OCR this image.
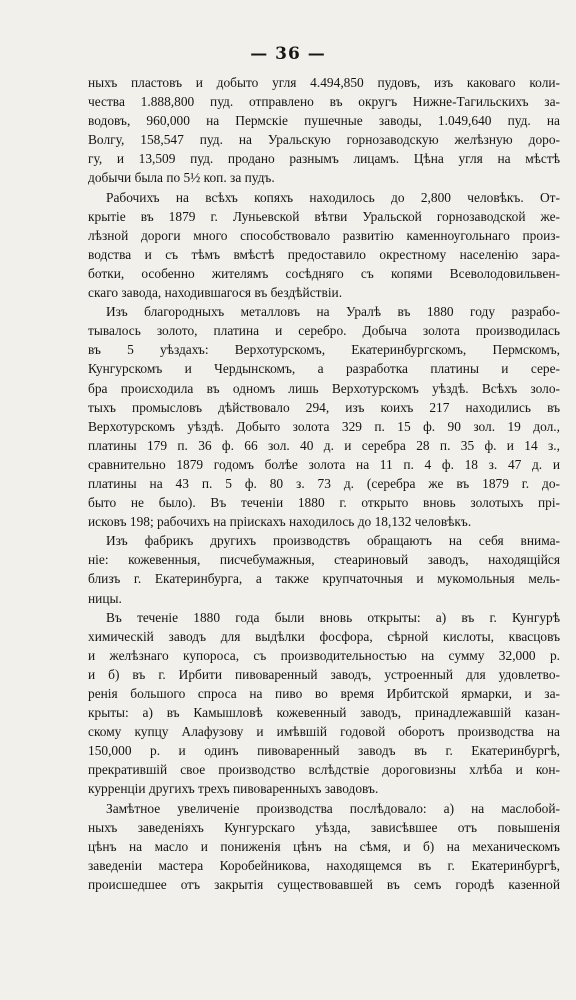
— 36 —
ныхъ пластовъ и добыто угля 4.494,850 пудовъ, изъ каковаго коли-
чества 1.888,800 пуд. отправлено въ округъ Нижне-Тагильскихъ за-
водовъ, 960,000 на Пермскіе пушечные заводы, 1.049,640 пуд. на
Волгу, 158,547 пуд. на Уральскую горнозаводскую желѣзную доро-
гу, и 13,509 пуд. продано разнымъ лицамъ. Цѣна угля на мѣстѣ
добычи была по 5½ коп. за пудъ.
Рабочихъ на всѣхъ копяхъ находилось до 2,800 человѣкъ. От-
крытіе въ 1879 г. Луньевской вѣтви Уральской горнозаводской же-
лѣзной дороги много способствовало развитію каменноугольнаго произ-
водства и съ тѣмъ вмѣстѣ предоставило окрестному населенію зара-
ботки, особенно жителямъ сосѣдняго съ копями Всеволодовильвен-
скаго завода, находившагося въ бездѣйствіи.
Изъ благородныхъ металловъ на Уралѣ въ 1880 году разрабо-
тывалось золото, платина и серебро. Добыча золота производилась
въ 5 уѣздахъ: Верхотурскомъ, Екатеринбургскомъ, Пермскомъ,
Кунгурскомъ и Чердынскомъ, а разработка платины и сере-
бра происходила въ одномъ лишь Верхотурскомъ уѣздѣ. Всѣхъ золо-
тыхъ промысловъ дѣйствовало 294, изъ коихъ 217 находились въ
Верхотурскомъ уѣздѣ. Добыто золота 329 п. 15 ф. 90 зол. 19 дол.,
платины 179 п. 36 ф. 66 зол. 40 д. и серебра 28 п. 35 ф. и 14 з.,
сравнительно 1879 годомъ болѣе золота на 11 п. 4 ф. 18 з. 47 д. и
платины на 43 п. 5 ф. 80 з. 73 д. (серебра же въ 1879 г. до-
быто не было). Въ теченіи 1880 г. открыто вновь золотыхъ прі-
исковъ 198; рабочихъ на пріискахъ находилось до 18,132 человѣкъ.
Изъ фабрикъ другихъ производствъ обращаютъ на себя внима-
ніе: кожевенныя, писчебумажныя, стеариновый заводъ, находящійся
близъ г. Екатеринбурга, а также крупчаточныя и мукомольныя мель-
ницы.
Въ теченіе 1880 года были вновь открыты: а) въ г. Кунгурѣ
химическій заводъ для выдѣлки фосфора, сѣрной кислоты, квасцовъ
и желѣзнаго купороса, съ производительностью на сумму 32,000 р.
и б) въ г. Ирбити пивоваренный заводъ, устроенный для удовлетво-
ренія большого спроса на пиво во время Ирбитской ярмарки, и за-
крыты: а) въ Камышловѣ кожевенный заводъ, принадлежавшій казан-
скому купцу Алафузову и имѣвшій годовой оборотъ производства на
150,000 р. и одинъ пивоваренный заводъ въ г. Екатеринбургѣ,
прекратившій свое производство вслѣдствіе дороговизны хлѣба и кон-
курренціи другихъ трехъ пивоваренныхъ заводовъ.
Замѣтное увеличеніе производства послѣдовало: а) на маслобой-
ныхъ заведеніяхъ Кунгурскаго уѣзда, зависѣвшее отъ повышенія
цѣнъ на масло и пониженія цѣнъ на сѣмя, и б) на механическомъ
заведеніи мастера Коробейникова, находящемся въ г. Екатеринбургѣ,
происшедшее отъ закрытія существовавшей въ семъ городѣ казенной
